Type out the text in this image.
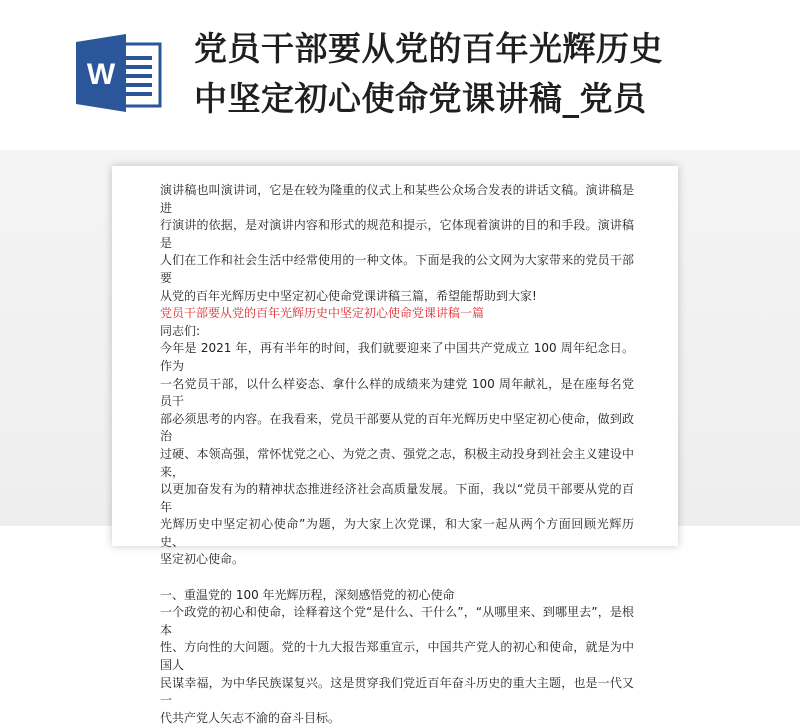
W
党员干部要从党的百年光辉历史
中坚定初心使命党课讲稿_党员

演讲稿也叫演讲词，它是在较为隆重的仪式上和某些公众场合发表的讲话文稿。演讲稿是进

行演讲的依据，是对演讲内容和形式的规范和提示，它体现着演讲的目的和手段。演讲稿是

人们在工作和社会生活中经常使用的一种文体。下面是我的公文网为大家带来的党员干部要

从党的百年光辉历史中坚定初心使命党课讲稿三篇，希望能帮助到大家!

党员干部要从党的百年光辉历史中坚定初心使命党课讲稿一篇

同志们:

今年是 2021 年，再有半年的时间，我们就要迎来了中国共产党成立 100 周年纪念日。作为

一名党员干部，以什么样姿态、拿什么样的成绩来为建党 100 周年献礼，是在座每名党员干

部必须思考的内容。在我看来，党员干部要从党的百年光辉历史中坚定初心使命，做到政治

过硬、本领高强，常怀忧党之心、为党之责、强党之志，积极主动投身到社会主义建设中来，

以更加奋发有为的精神状态推进经济社会高质量发展。下面，我以“党员干部要从党的百年

光辉历史中坚定初心使命”为题，为大家上次党课，和大家一起从两个方面回顾光辉历史、

坚定初心使命。

一、重温党的 100 年光辉历程，深刻感悟党的初心使命

一个政党的初心和使命，诠释着这个党“是什么、干什么”，“从哪里来、到哪里去”，是根本

性、方向性的大问题。党的十九大报告郑重宣示，中国共产党人的初心和使命，就是为中国人

民谋幸福，为中华民族谋复兴。这是贯穿我们党近百年奋斗历史的重大主题，也是一代又一

代共产党人矢志不渝的奋斗目标。
